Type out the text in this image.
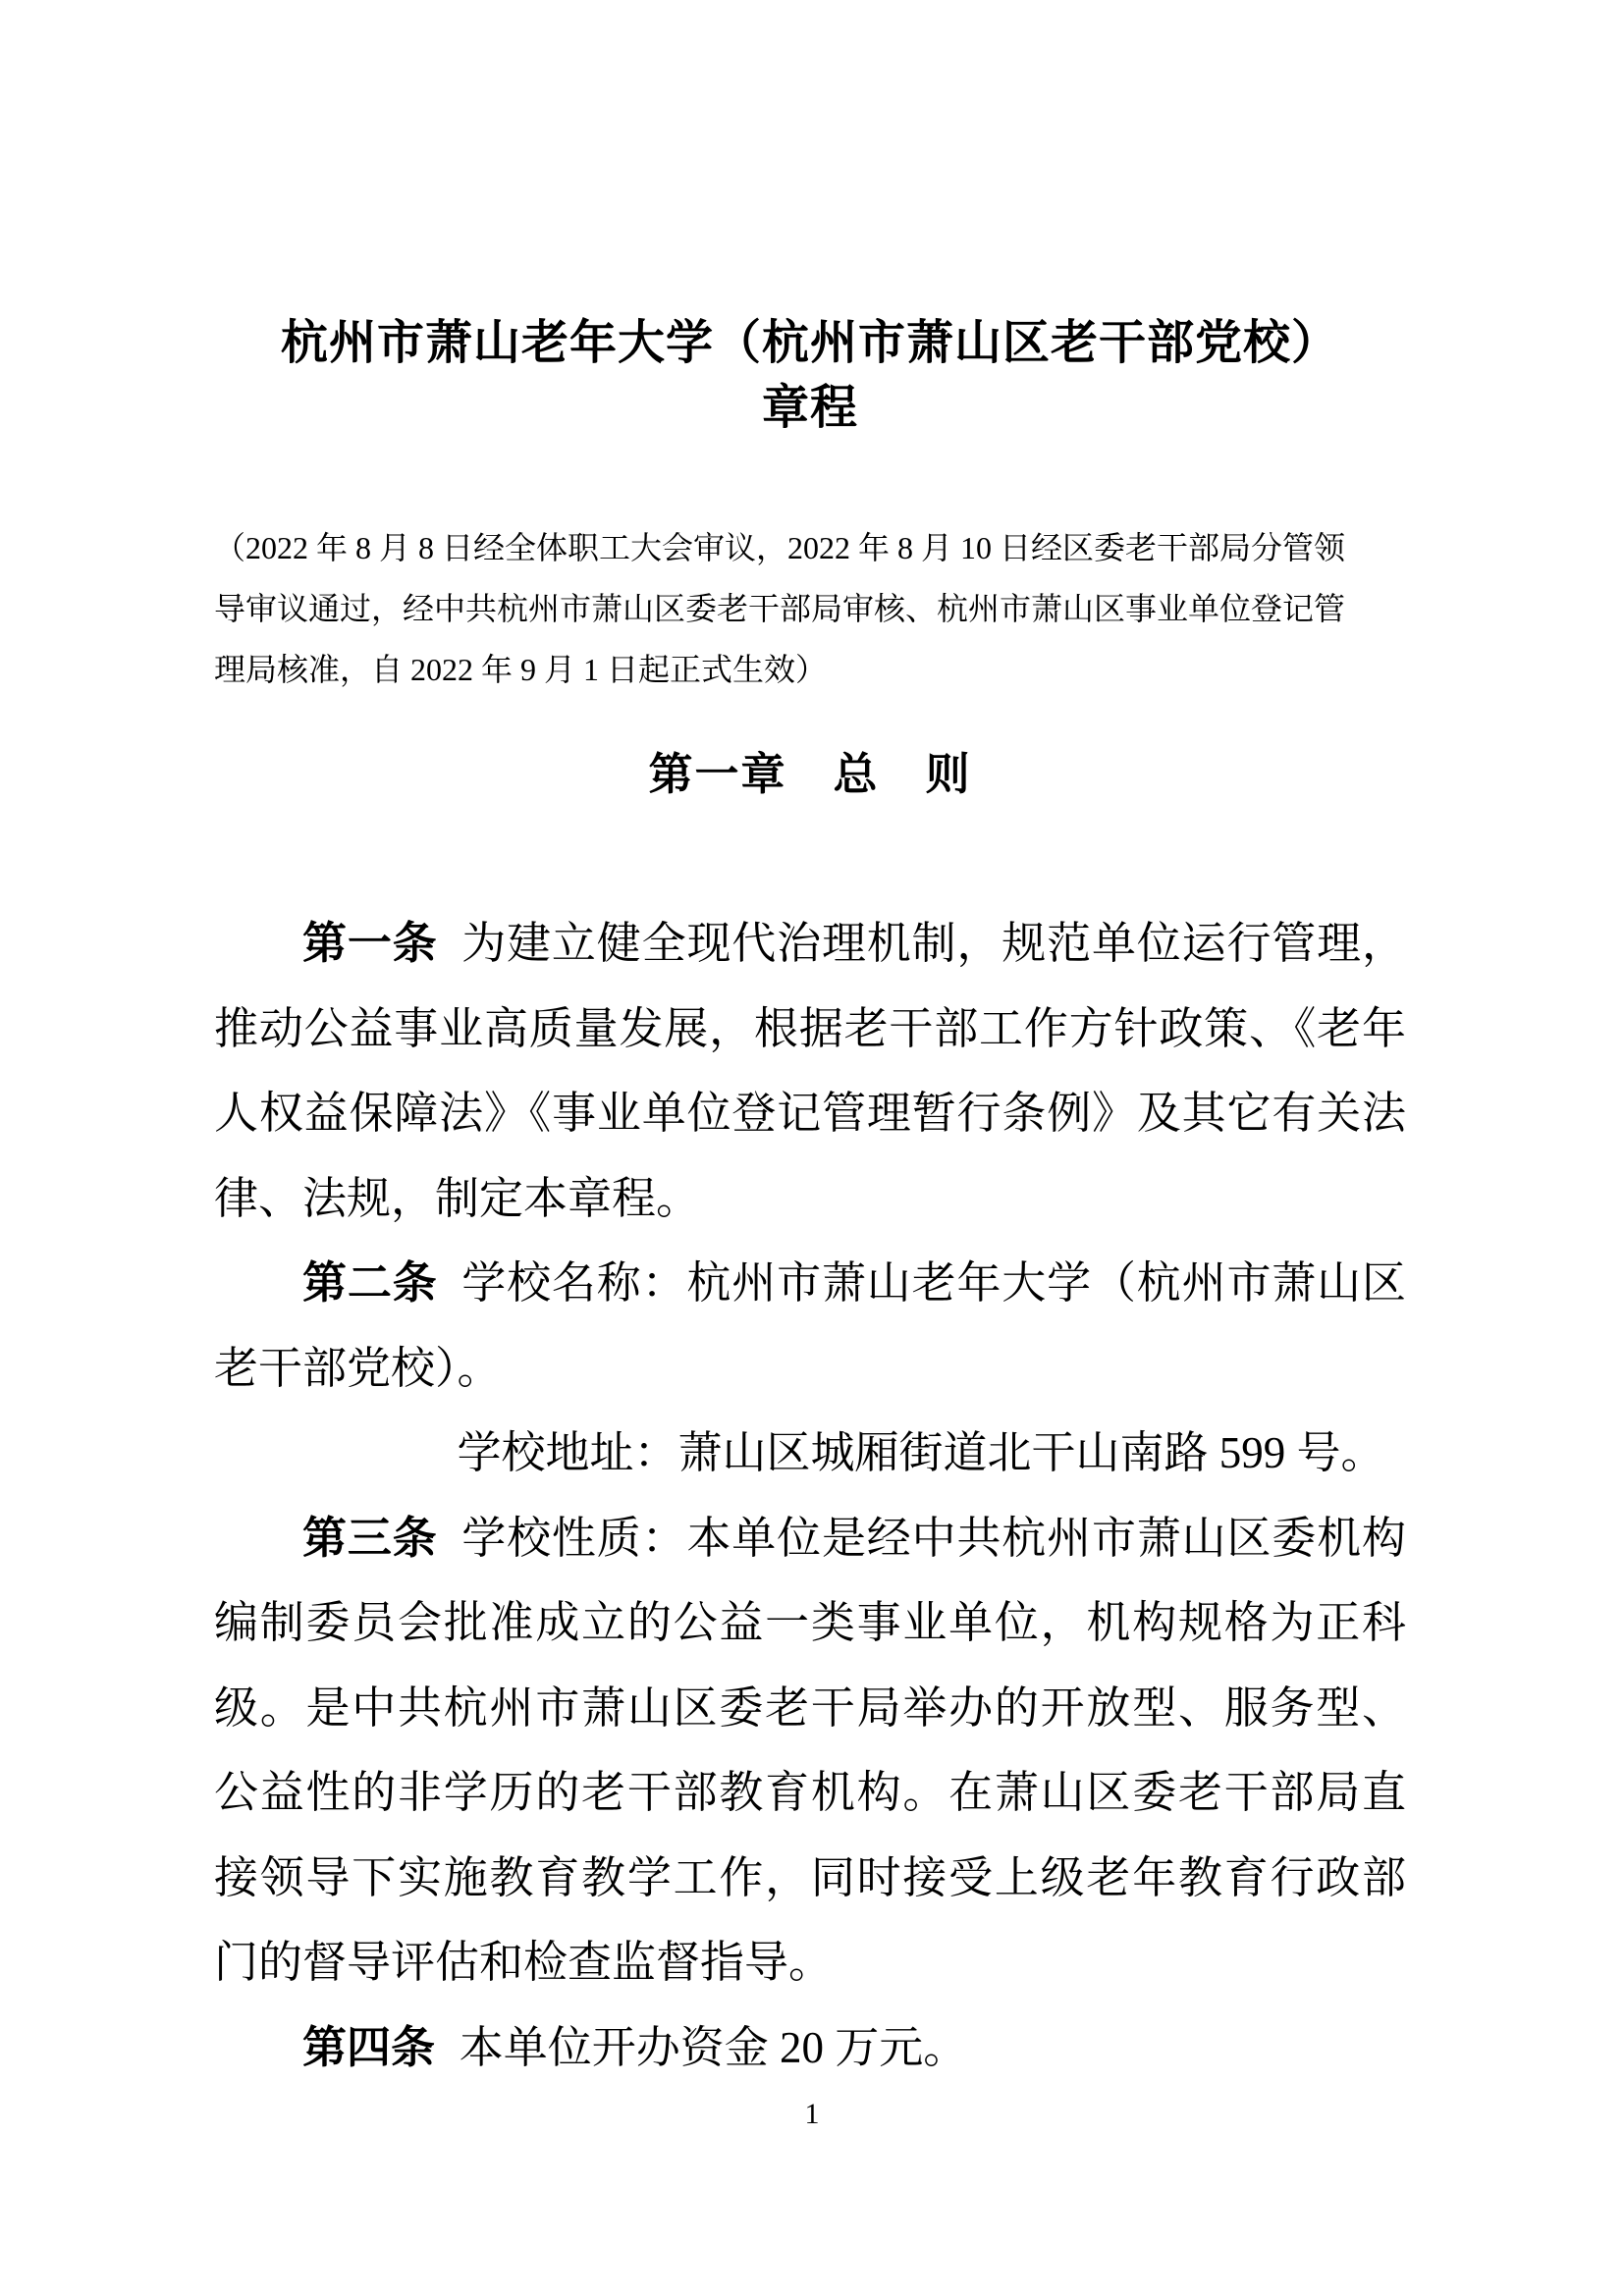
杭州市萧山老年大学（杭州市萧山区老干部党校）
章程
（2022 年 8 月 8 日经全体职工大会审议，2022 年 8 月 10 日经区委老干部局分管领
导审议通过，经中共杭州市萧山区委老干部局审核、杭州市萧山区事业单位登记管
理局核准，自 2022 年 9 月 1 日起正式生效）
第一章　总　则

第一条 为建立健全现代治理机制，规范单位运行管理，推动公益事业高质量发展，根据老干部工作方针政策、《老年人权益保障法》《事业单位登记管理暂行条例》及其它有关法律、法规，制定本章程。

第二条 学校名称：杭州市萧山老年大学（杭州市萧山区老干部党校）。

学校地址：萧山区城厢街道北干山南路 599 号。

第三条 学校性质：本单位是经中共杭州市萧山区委机构编制委员会批准成立的公益一类事业单位，机构规格为正科级。是中共杭州市萧山区委老干局举办的开放型、服务型、公益性的非学历的老干部教育机构。在萧山区委老干部局直接领导下实施教育教学工作，同时接受上级老年教育行政部门的督导评估和检查监督指导。

第四条 本单位开办资金 20 万元。

1
